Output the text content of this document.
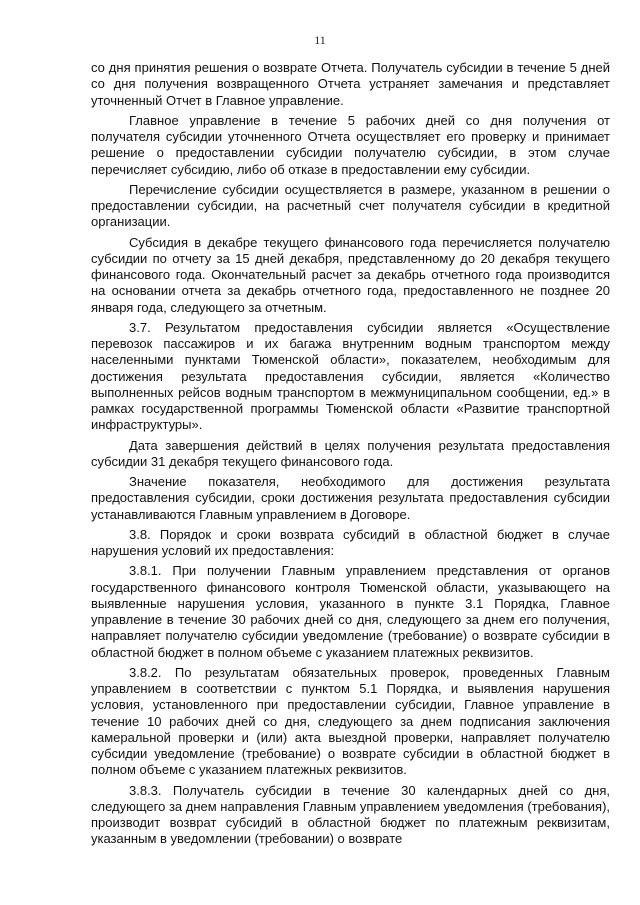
11

со дня принятия решения о возврате Отчета. Получатель субсидии в течение 5 дней со дня получения возвращенного Отчета устраняет замечания и представляет уточненный Отчет в Главное управление.

Главное управление в течение 5 рабочих дней со дня получения от получателя субсидии уточненного Отчета осуществляет его проверку и принимает решение о предоставлении субсидии получателю субсидии, в этом случае перечисляет субсидию, либо об отказе в предоставлении ему субсидии.

Перечисление субсидии осуществляется в размере, указанном в решении о предоставлении субсидии, на расчетный счет получателя субсидии в кредитной организации.

Субсидия в декабре текущего финансового года перечисляется получателю субсидии по отчету за 15 дней декабря, представленному до 20 декабря текущего финансового года. Окончательный расчет за декабрь отчетного года производится на основании отчета за декабрь отчетного года, предоставленного не позднее 20 января года, следующего за отчетным.

3.7. Результатом предоставления субсидии является «Осуществление перевозок пассажиров и их багажа внутренним водным транспортом между населенными пунктами Тюменской области», показателем, необходимым для достижения результата предоставления субсидии, является «Количество выполненных рейсов водным транспортом в межмуниципальном сообщении, ед.» в рамках государственной программы Тюменской области «Развитие транспортной инфраструктуры».

Дата завершения действий в целях получения результата предоставления субсидии 31 декабря текущего финансового года.

Значение показателя, необходимого для достижения результата предоставления субсидии, сроки достижения результата предоставления субсидии устанавливаются Главным управлением в Договоре.

3.8. Порядок и сроки возврата субсидий в областной бюджет в случае нарушения условий их предоставления:

3.8.1. При получении Главным управлением представления от органов государственного финансового контроля Тюменской области, указывающего на выявленные нарушения условия, указанного в пункте 3.1 Порядка, Главное управление в течение 30 рабочих дней со дня, следующего за днем его получения, направляет получателю субсидии уведомление (требование) о возврате субсидии в областной бюджет в полном объеме с указанием платежных реквизитов.

3.8.2. По результатам обязательных проверок, проведенных Главным управлением в соответствии с пунктом 5.1 Порядка, и выявления нарушения условия, установленного при предоставлении субсидии, Главное управление в течение 10 рабочих дней со дня, следующего за днем подписания заключения камеральной проверки и (или) акта выездной проверки, направляет получателю субсидии уведомление (требование) о возврате субсидии в областной бюджет в полном объеме с указанием платежных реквизитов.

3.8.3. Получатель субсидии в течение 30 календарных дней со дня, следующего за днем направления Главным управлением уведомления (требования), производит возврат субсидий в областной бюджет по платежным реквизитам, указанным в уведомлении (требовании) о возврате
